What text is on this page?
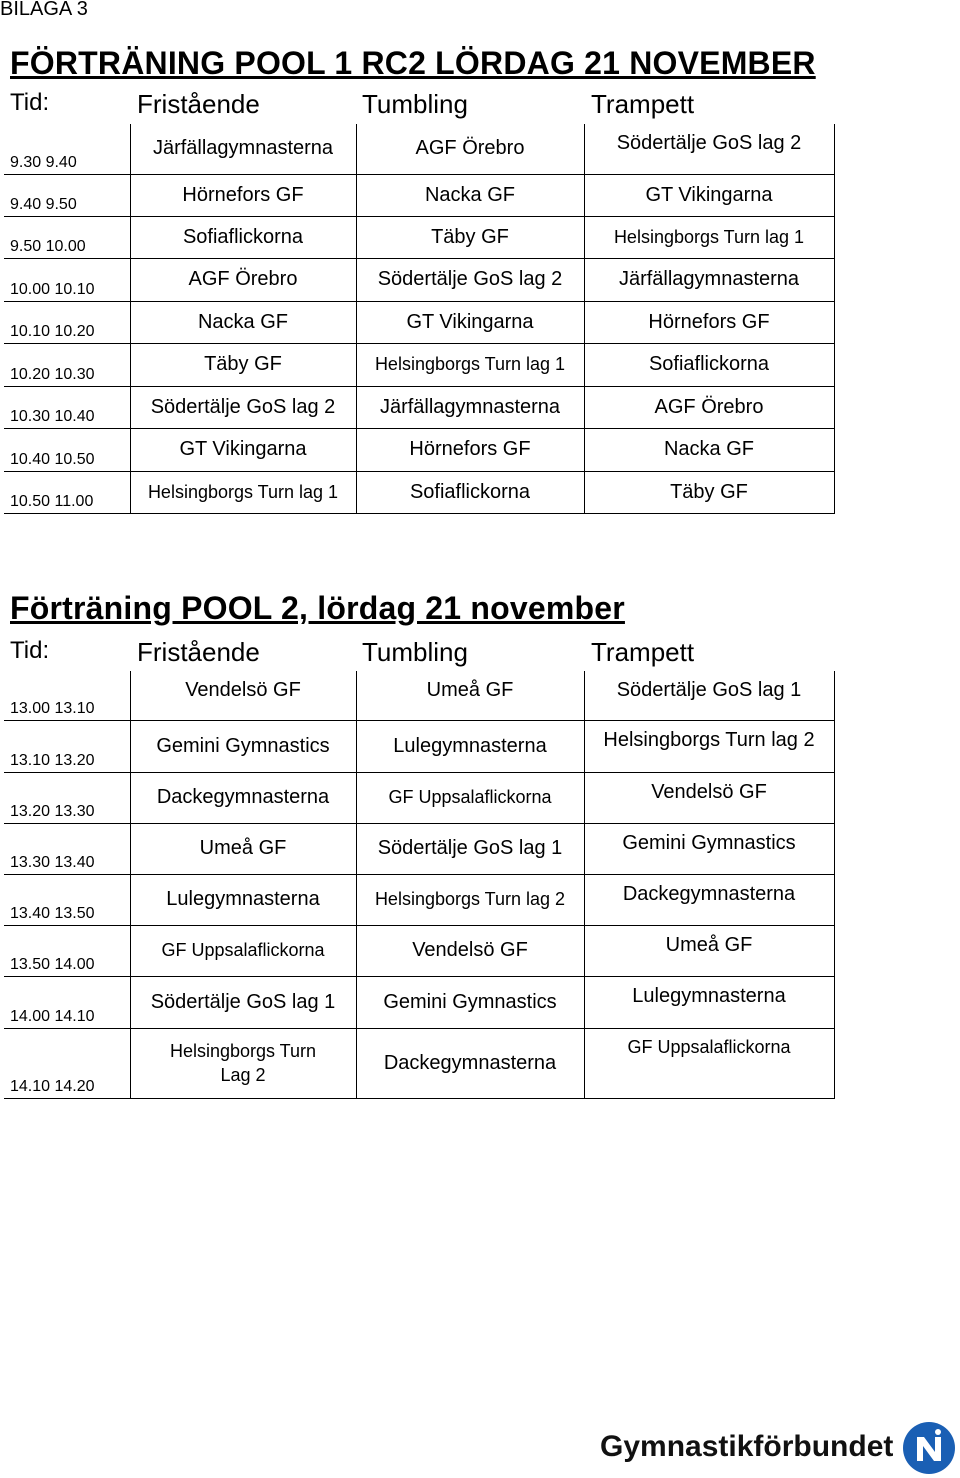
BILAGA 3
FÖRTRÄNING POOL 1 RC2 LÖRDAG 21 NOVEMBER
Tid:	Fristående	Tumbling	Trampett
9.30 9.40	Järfällagymnasterna	AGF Örebro	Södertälje GoS lag 2
9.40 9.50	Hörnefors GF	Nacka GF	GT Vikingarna
9.50 10.00	Sofiaflickorna	Täby GF	Helsingborgs Turn lag 1
10.00 10.10	AGF Örebro	Södertälje GoS lag 2	Järfällagymnasterna
10.10 10.20	Nacka GF	GT Vikingarna	Hörnefors GF
10.20 10.30	Täby GF	Helsingborgs Turn lag 1	Sofiaflickorna
10.30 10.40	Södertälje GoS lag 2	Järfällagymnasterna	AGF Örebro
10.40 10.50	GT Vikingarna	Hörnefors GF	Nacka GF
10.50 11.00	Helsingborgs Turn lag 1	Sofiaflickorna	Täby GF
Förträning POOL 2, lördag 21 november
Tid:	Fristående	Tumbling	Trampett
13.00 13.10	Vendelsö GF	Umeå GF	Södertälje GoS lag 1
13.10 13.20	Gemini Gymnastics	Lulegymnasterna	Helsingborgs Turn lag 2
13.20 13.30	Dackegymnasterna	GF Uppsalaflickorna	Vendelsö GF
13.30 13.40	Umeå GF	Södertälje GoS lag 1	Gemini Gymnastics
13.40 13.50	Lulegymnasterna	Helsingborgs Turn lag 2	Dackegymnasterna
13.50 14.00	GF Uppsalaflickorna	Vendelsö GF	Umeå GF
14.00 14.10	Södertälje GoS lag 1	Gemini Gymnastics	Lulegymnasterna
14.10 14.20	Helsingborgs Turn Lag 2	Dackegymnasterna	GF Uppsalaflickorna
Gymnastikförbundet
